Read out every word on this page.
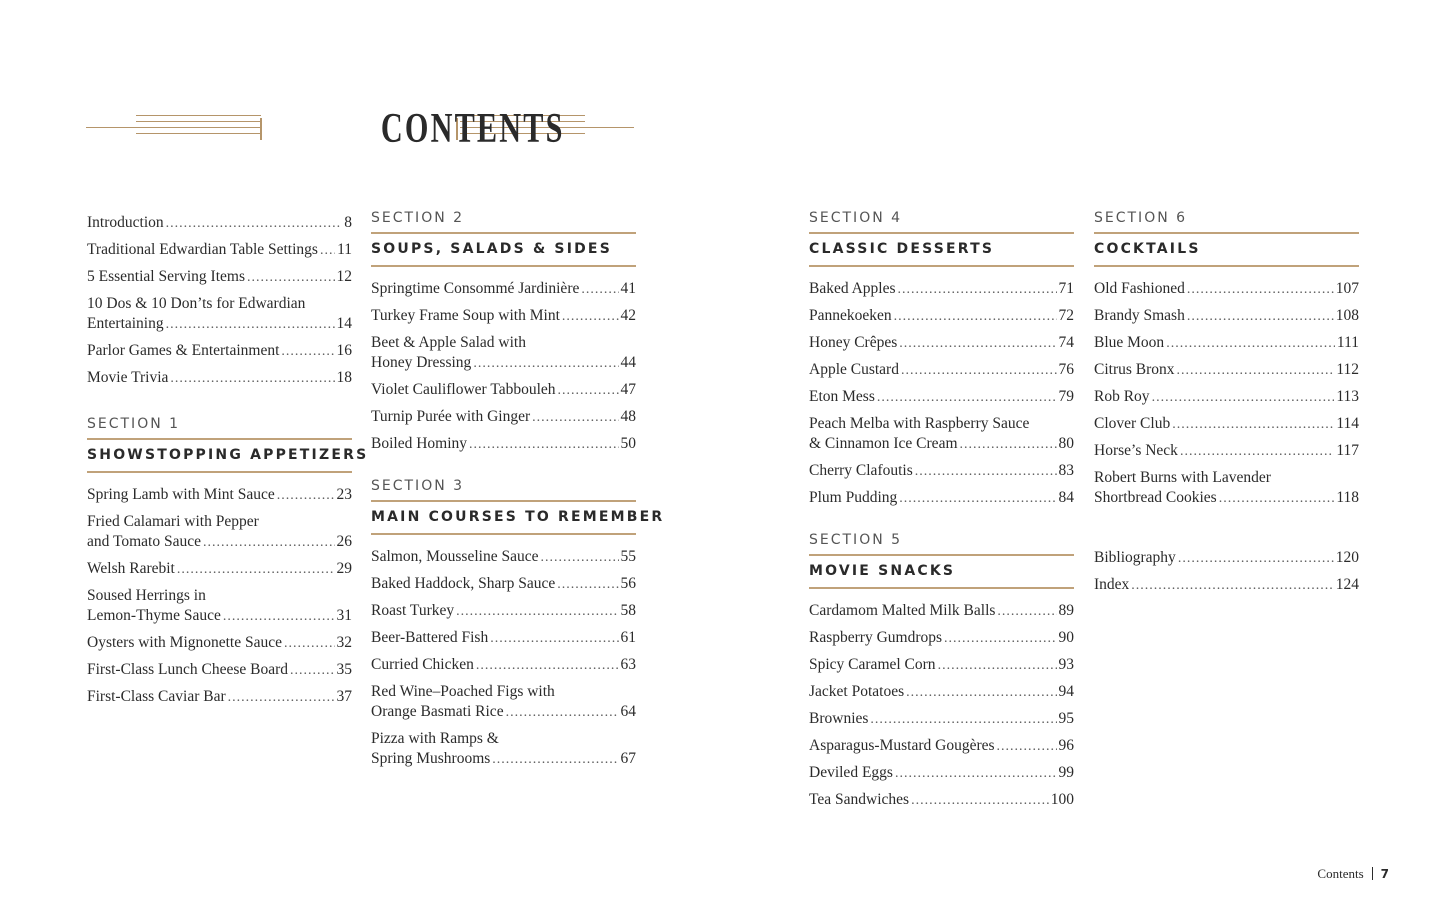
CONTENTS
Introduction .....	8
Traditional Edwardian Table Settings ..... 11
5 Essential Serving Items .....	12
10 Dos & 10 Don’ts for Edwardian
Entertaining .....	14
Parlor Games & Entertainment .....	16
Movie Trivia .....	18
SECTION 1
SHOWSTOPPING APPETIZERS
Spring Lamb with Mint Sauce .....	23
Fried Calamari with Pepper
and Tomato Sauce .....	26
Welsh Rarebit .....	29
Soused Herrings in
Lemon-Thyme Sauce .....	31
Oysters with Mignonette Sauce .....	32
First-Class Lunch Cheese Board .....	35
First-Class Caviar Bar .....	37
SECTION 2
SOUPS, SALADS & SIDES
Springtime Consommé Jardinière .....	41
Turkey Frame Soup with Mint .....	42
Beet & Apple Salad with
Honey Dressing .....	44
Violet Cauliflower Tabbouleh .....	47
Turnip Purée with Ginger .....	48
Boiled Hominy .....	50
SECTION 3
MAIN COURSES TO REMEMBER
Salmon, Mousseline Sauce .....	55
Baked Haddock, Sharp Sauce .....	56
Roast Turkey .....	58
Beer-Battered Fish .....	61
Curried Chicken .....	63
Red Wine–Poached Figs with
Orange Basmati Rice .....	64
Pizza with Ramps &
Spring Mushrooms .....	67
SECTION 4
CLASSIC DESSERTS
Baked Apples .....	71
Pannekoeken .....	72
Honey Crêpes .....	74
Apple Custard .....	76
Eton Mess .....	79
Peach Melba with Raspberry Sauce
& Cinnamon Ice Cream .....	80
Cherry Clafoutis .....	83
Plum Pudding .....	84
SECTION 5
MOVIE SNACKS
Cardamom Malted Milk Balls .....	89
Raspberry Gumdrops .....	90
Spicy Caramel Corn .....	93
Jacket Potatoes .....	94
Brownies .....	95
Asparagus-Mustard Gougères .....	96
Deviled Eggs .....	99
Tea Sandwiches .....	100
SECTION 6
COCKTAILS
Old Fashioned .....	107
Brandy Smash .....	108
Blue Moon .....	111
Citrus Bronx .....	112
Rob Roy .....	113
Clover Club .....	114
Horse’s Neck .....	117
Robert Burns with Lavender
Shortbread Cookies .....	118
Bibliography .....	120
Index .....	124
Contents 7
